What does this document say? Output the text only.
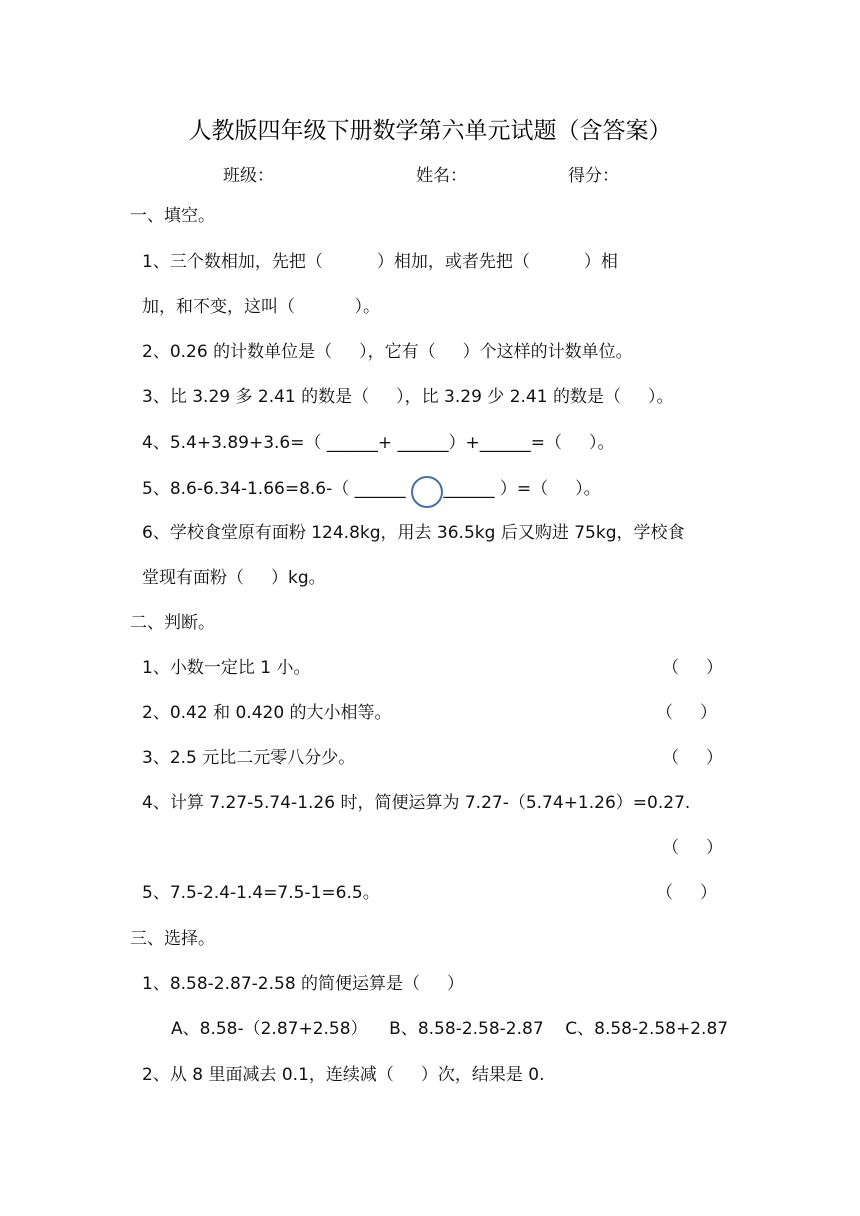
人教版四年级下册数学第六单元试题（含答案）
班级：	姓名：	得分：
一、填空。
1、三个数相加，先把（          ）相加，或者先把（          ）相
加，和不变，这叫（           ）。
2、0.26 的计数单位是（     ），它有（     ）个这样的计数单位。
3、比 3.29 多 2.41 的数是（     ），比 3.29 少 2.41 的数是（     ）。
4、5.4+3.89+3.6=（ ______+ ______）+______=（     ）。
5、8.6-6.34-1.66=8.6-（ ______       ______ ）=（     ）。
6、学校食堂原有面粉 124.8kg，用去 36.5kg 后又购进 75kg，学校食
堂现有面粉（     ）kg。
二、判断。
1、小数一定比 1 小。	（     ）
2、0.42 和 0.420 的大小相等。	（     ）
3、2.5 元比二元零八分少。	（     ）
4、计算 7.27-5.74-1.26 时，简便运算为 7.27-（5.74+1.26）=0.27.
（     ）
5、7.5-2.4-1.4=7.5-1=6.5。	（     ）
三、选择。
1、8.58-2.87-2.58 的简便运算是（     ）
A、8.58-（2.87+2.58）    B、8.58-2.58-2.87    C、8.58-2.58+2.87
2、从 8 里面减去 0.1，连续减（     ）次，结果是 0.
